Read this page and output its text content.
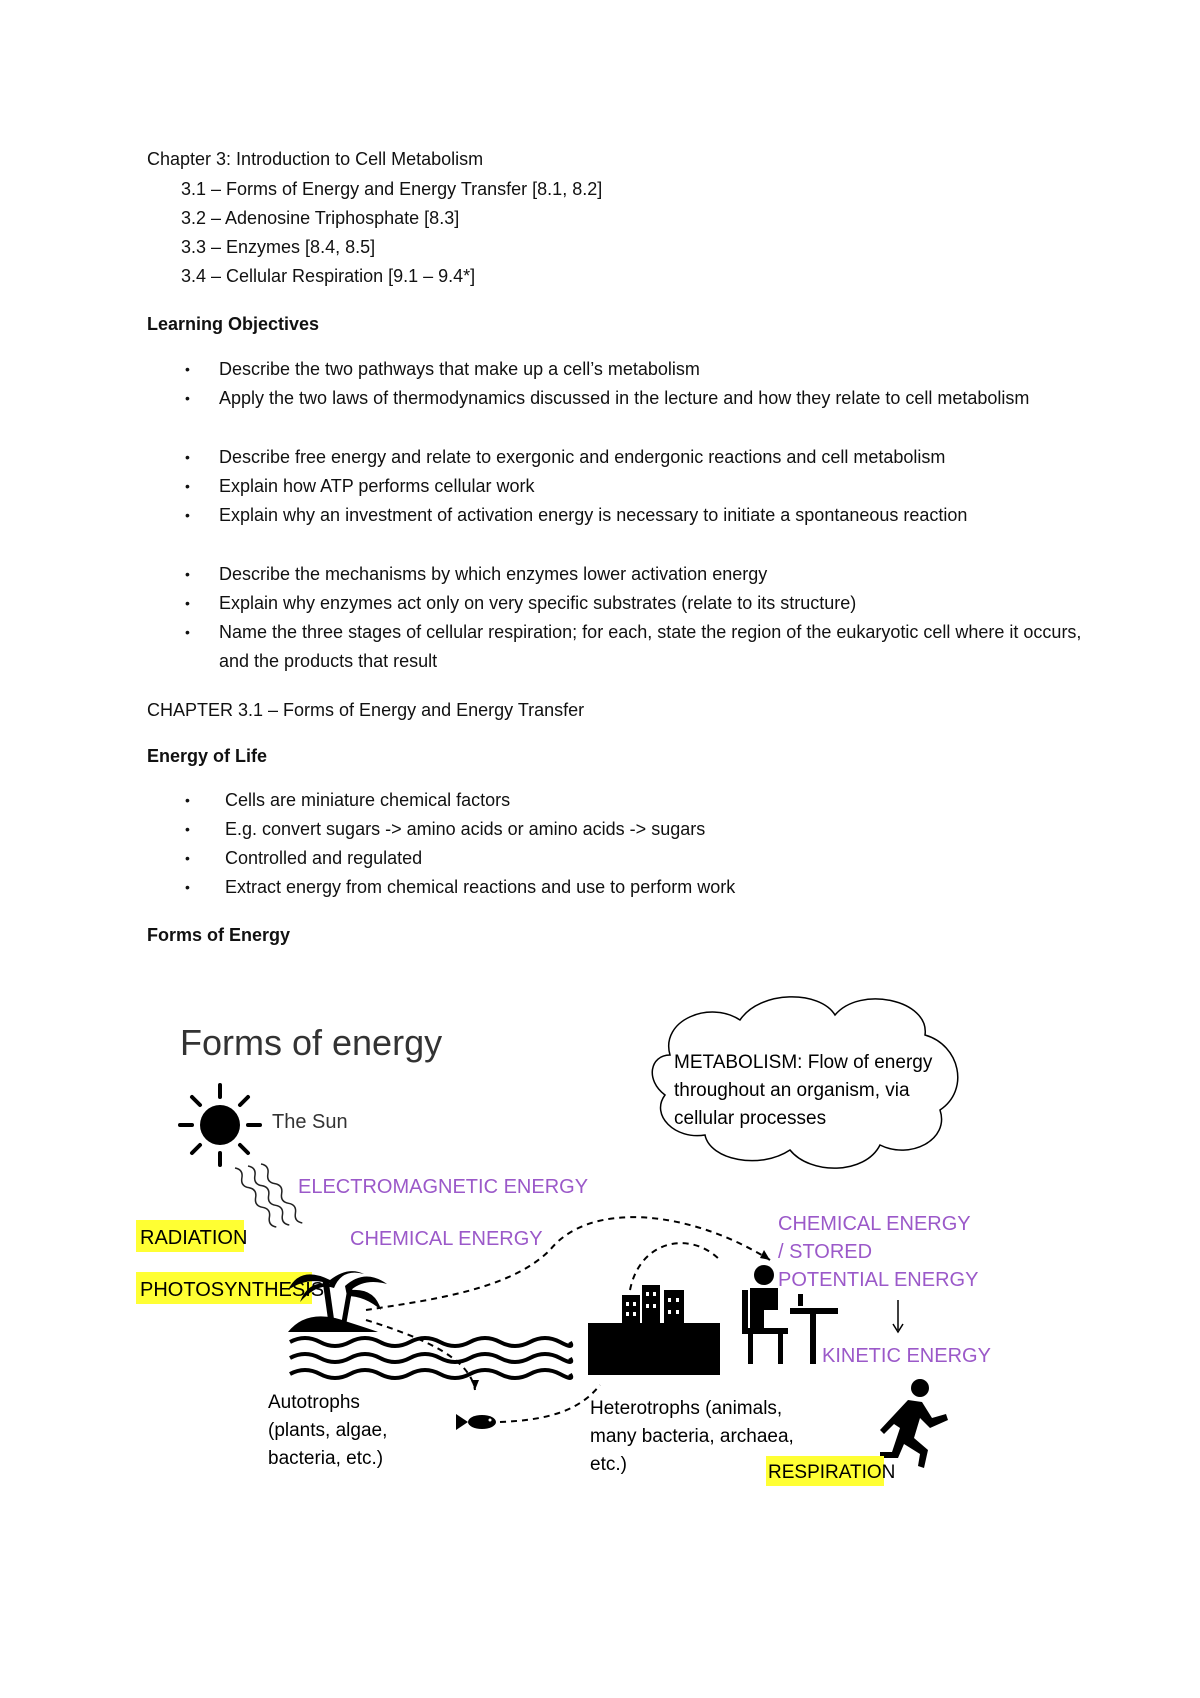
Chapter 3: Introduction to Cell Metabolism
3.1 – Forms of Energy and Energy Transfer [8.1, 8.2]
3.2 – Adenosine Triphosphate [8.3]
3.3 – Enzymes [8.4, 8.5]
3.4 – Cellular Respiration [9.1 – 9.4*]
Learning Objectives
• Describe the two pathways that make up a cell’s metabolism
• Apply the two laws of thermodynamics discussed in the lecture and how they relate to cell metabolism
• Describe free energy and relate to exergonic and endergonic reactions and cell metabolism
• Explain how ATP performs cellular work
• Explain why an investment of activation energy is necessary to initiate a spontaneous reaction
• Describe the mechanisms by which enzymes lower activation energy
• Explain why enzymes act only on very specific substrates (relate to its structure)
• Name the three stages of cellular respiration; for each, state the region of the eukaryotic cell where it occurs, and the products that result
CHAPTER 3.1 – Forms of Energy and Energy Transfer
Energy of Life
• Cells are miniature chemical factors
• E.g. convert sugars -> amino acids or amino acids -> sugars
• Controlled and regulated
• Extract energy from chemical reactions and use to perform work
Forms of Energy
Forms of energy
The Sun
ELECTROMAGNETIC ENERGY
RADIATION	CHEMICAL ENERGY
PHOTOSYNTHESIS
METABOLISM: Flow of energy
throughout an organism, via
cellular processes
CHEMICAL ENERGY
/ STORED
POTENTIAL ENERGY
KINETIC ENERGY
Autotrophs
(plants, algae,
bacteria, etc.)
Heterotrophs (animals,
many bacteria, archaea,
etc.)	RESPIRATION
